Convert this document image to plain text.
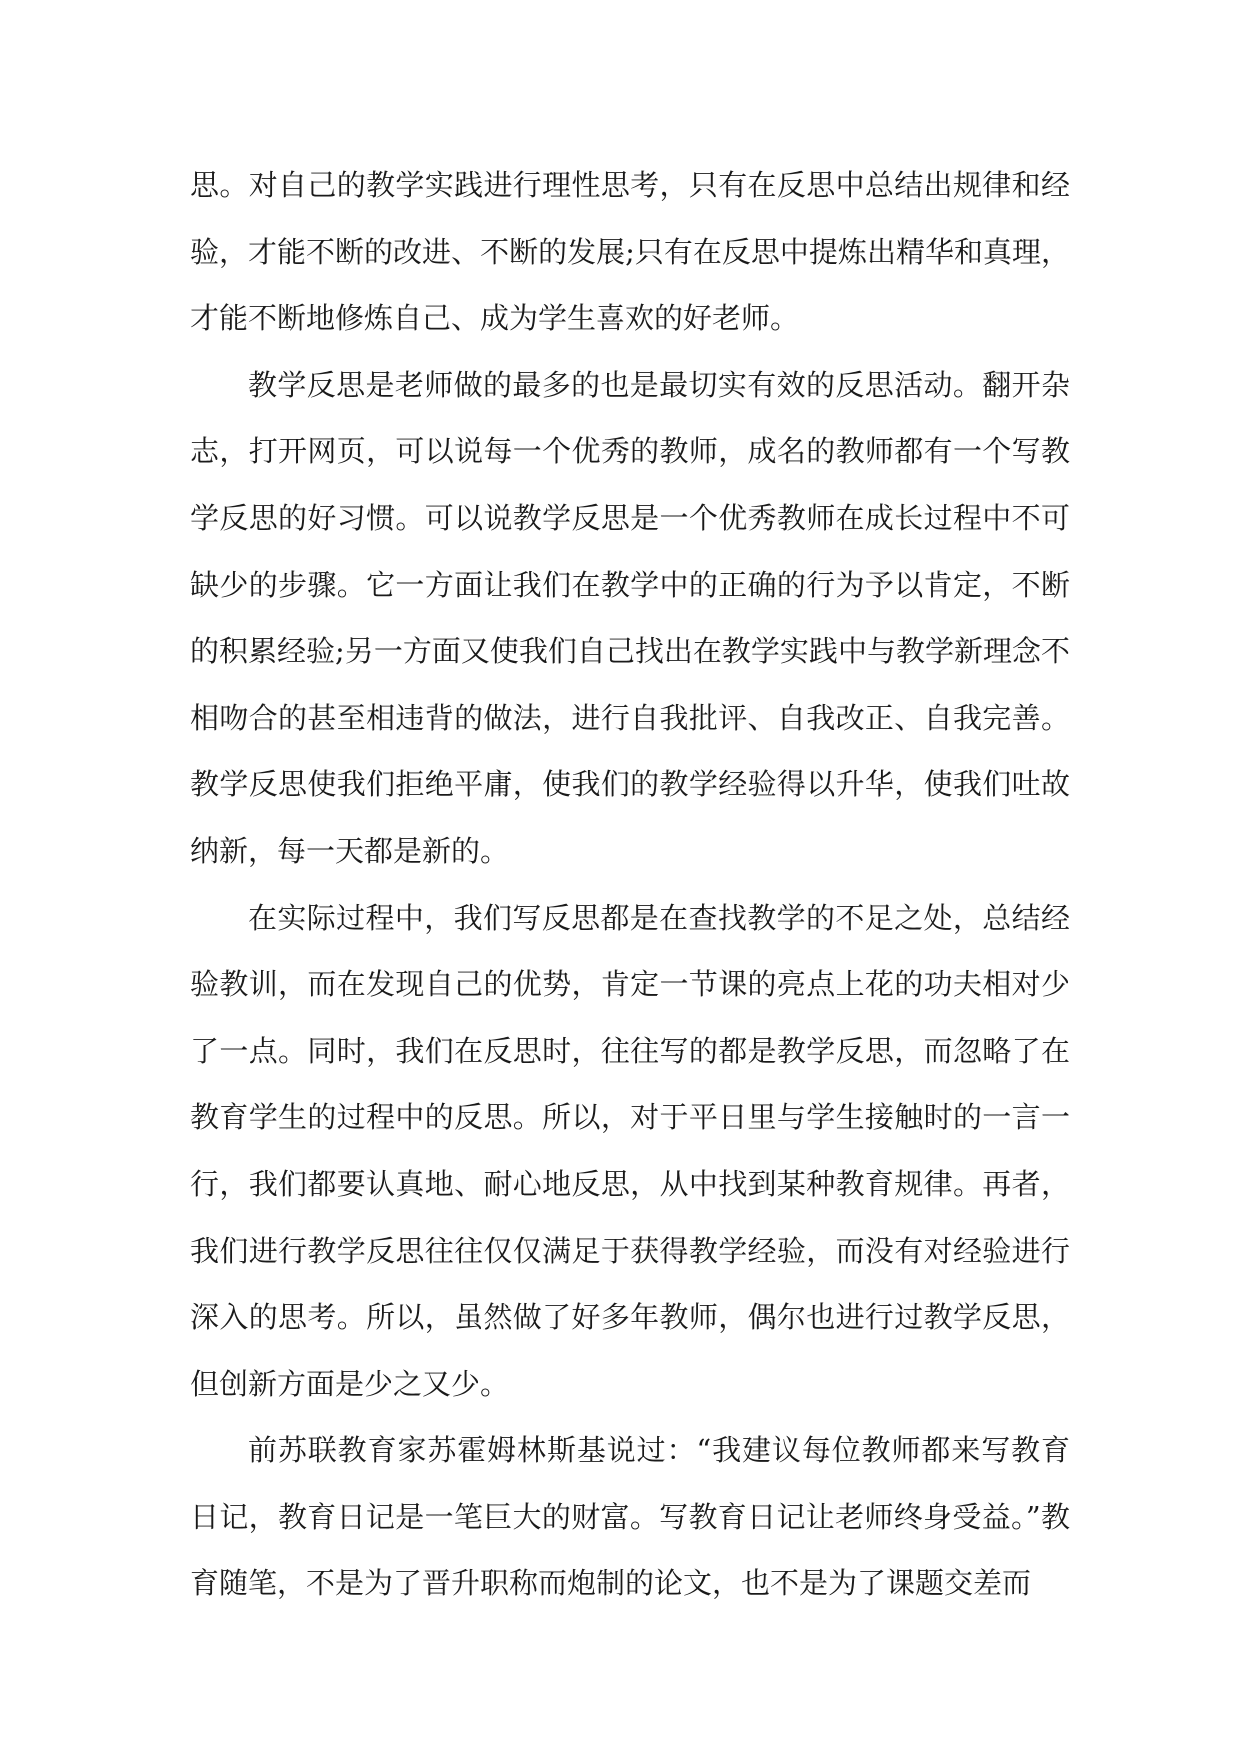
思。对自己的教学实践进行理性思考，只有在反思中总结出规律和经验，才能不断的改进、不断的发展;只有在反思中提炼出精华和真理，才能不断地修炼自己、成为学生喜欢的好老师。

教学反思是老师做的最多的也是最切实有效的反思活动。翻开杂志，打开网页，可以说每一个优秀的教师，成名的教师都有一个写教学反思的好习惯。可以说教学反思是一个优秀教师在成长过程中不可缺少的步骤。它一方面让我们在教学中的正确的行为予以肯定，不断的积累经验;另一方面又使我们自己找出在教学实践中与教学新理念不相吻合的甚至相违背的做法，进行自我批评、自我改正、自我完善。教学反思使我们拒绝平庸，使我们的教学经验得以升华，使我们吐故纳新，每一天都是新的。

在实际过程中，我们写反思都是在查找教学的不足之处，总结经验教训，而在发现自己的优势，肯定一节课的亮点上花的功夫相对少了一点。同时，我们在反思时，往往写的都是教学反思，而忽略了在教育学生的过程中的反思。所以，对于平日里与学生接触时的一言一行，我们都要认真地、耐心地反思，从中找到某种教育规律。再者，我们进行教学反思往往仅仅满足于获得教学经验，而没有对经验进行深入的思考。所以，虽然做了好多年教师，偶尔也进行过教学反思，但创新方面是少之又少。

前苏联教育家苏霍姆林斯基说过：“我建议每位教师都来写教育日记，教育日记是一笔巨大的财富。写教育日记让老师终身受益。”教育随笔，不是为了晋升职称而炮制的论文，也不是为了课题交差而
